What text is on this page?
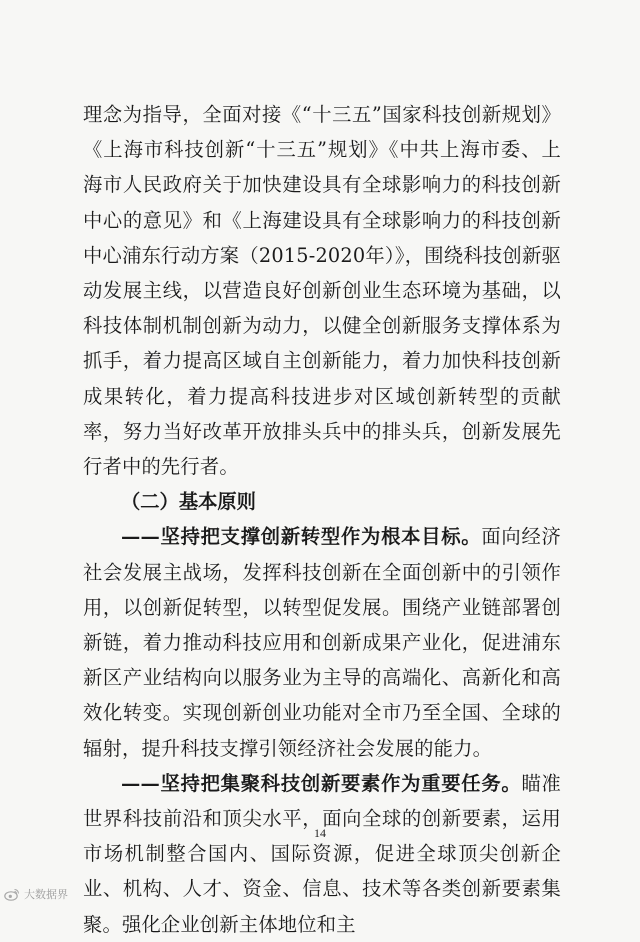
理念为指导，全面对接《“十三五”国家科技创新规划》《上海市科技创新“十三五”规划》《中共上海市委、上海市人民政府关于加快建设具有全球影响力的科技创新中心的意见》和《上海建设具有全球影响力的科技创新中心浦东行动方案（2015-2020年）》，围绕科技创新驱动发展主线，以营造良好创新创业生态环境为基础，以科技体制机制创新为动力，以健全创新服务支撑体系为抓手，着力提高区域自主创新能力，着力加快科技创新成果转化，着力提高科技进步对区域创新转型的贡献率，努力当好改革开放排头兵中的排头兵，创新发展先行者中的先行者。

（二）基本原则

——坚持把支撑创新转型作为根本目标。面向经济社会发展主战场，发挥科技创新在全面创新中的引领作用，以创新促转型，以转型促发展。围绕产业链部署创新链，着力推动科技应用和创新成果产业化，促进浦东新区产业结构向以服务业为主导的高端化、高新化和高效化转变。实现创新创业功能对全市乃至全国、全球的辐射，提升科技支撑引领经济社会发展的能力。

——坚持把集聚科技创新要素作为重要任务。瞄准世界科技前沿和顶尖水平，面向全球的创新要素，运用市场机制整合国内、国际资源，促进全球顶尖创新企业、机构、人才、资金、信息、技术等各类创新要素集聚。强化企业创新主体地位和主

14
大数据界
